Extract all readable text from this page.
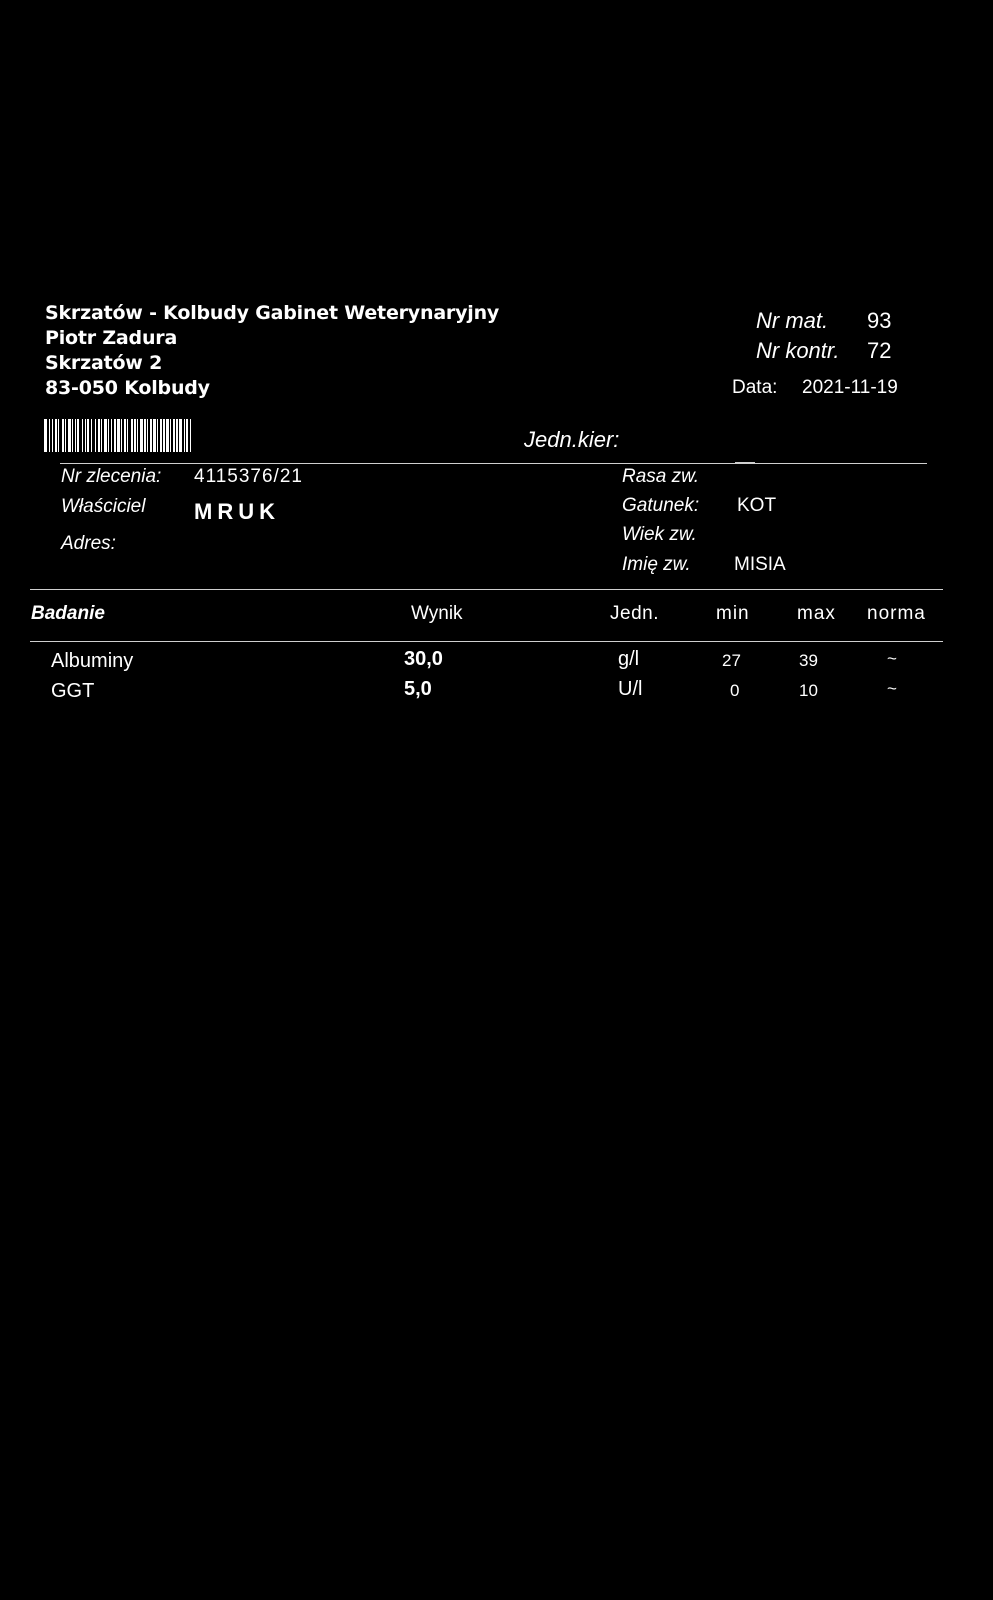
Skrzatów - Kolbudy Gabinet Weterynaryjny
Piotr Zadura
Skrzatów 2
83-050 Kolbudy
Nr mat. 93
Nr kontr. 72
Data: 2021-11-19
Jedn.kier:
Nr zlecenia: 4115376/21
Właściciel MRUK
Adres:
Rasa zw.
Gatunek: KOT
Wiek zw.
Imię zw. MISIA
Badanie	Wynik	Jedn.	min max norma
Albuminy	30,0	g/l	27	39	~
GGT	5,0	U/l	0	10	~
